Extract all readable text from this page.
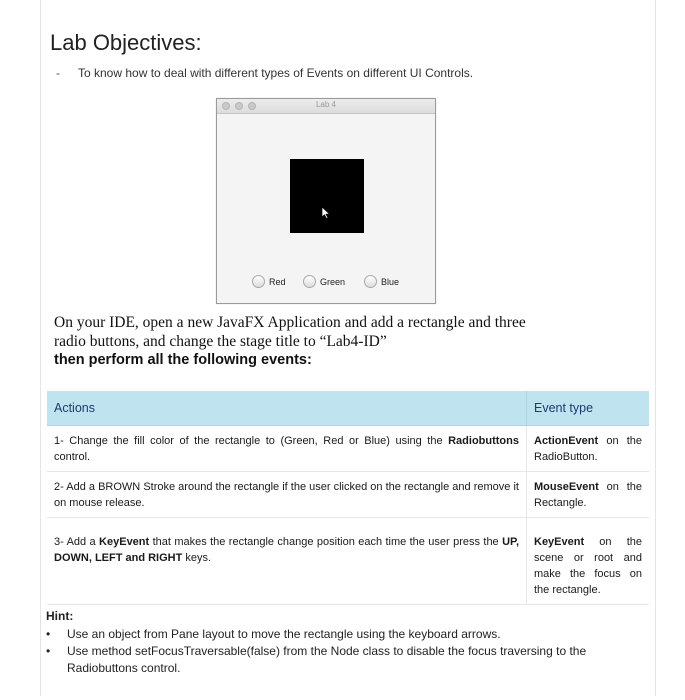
Lab Objectives:
- To know how to deal with different types of Events on different UI Controls.
Lab 4
Red	Green	Blue
On your IDE, open a new JavaFX Application and add a rectangle and three
radio buttons, and change the stage title to “Lab4-ID”
then perform all the following events:
Actions	Event type
1- Change the fill color of the rectangle to (Green, Red or Blue) using the Radiobuttons control.	ActionEvent on the RadioButton.
2- Add a BROWN Stroke around the rectangle if the user clicked on the rectangle and remove it on mouse release.	MouseEvent on the Rectangle.
3- Add a KeyEvent that makes the rectangle change position each time the user press the UP, DOWN, LEFT and RIGHT keys.	KeyEvent on the scene or root and make the focus on the rectangle.
Hint:
• Use an object from Pane layout to move the rectangle using the keyboard arrows.
• Use method setFocusTraversable(false) from the Node class to disable the focus traversing to the Radiobuttons control.
